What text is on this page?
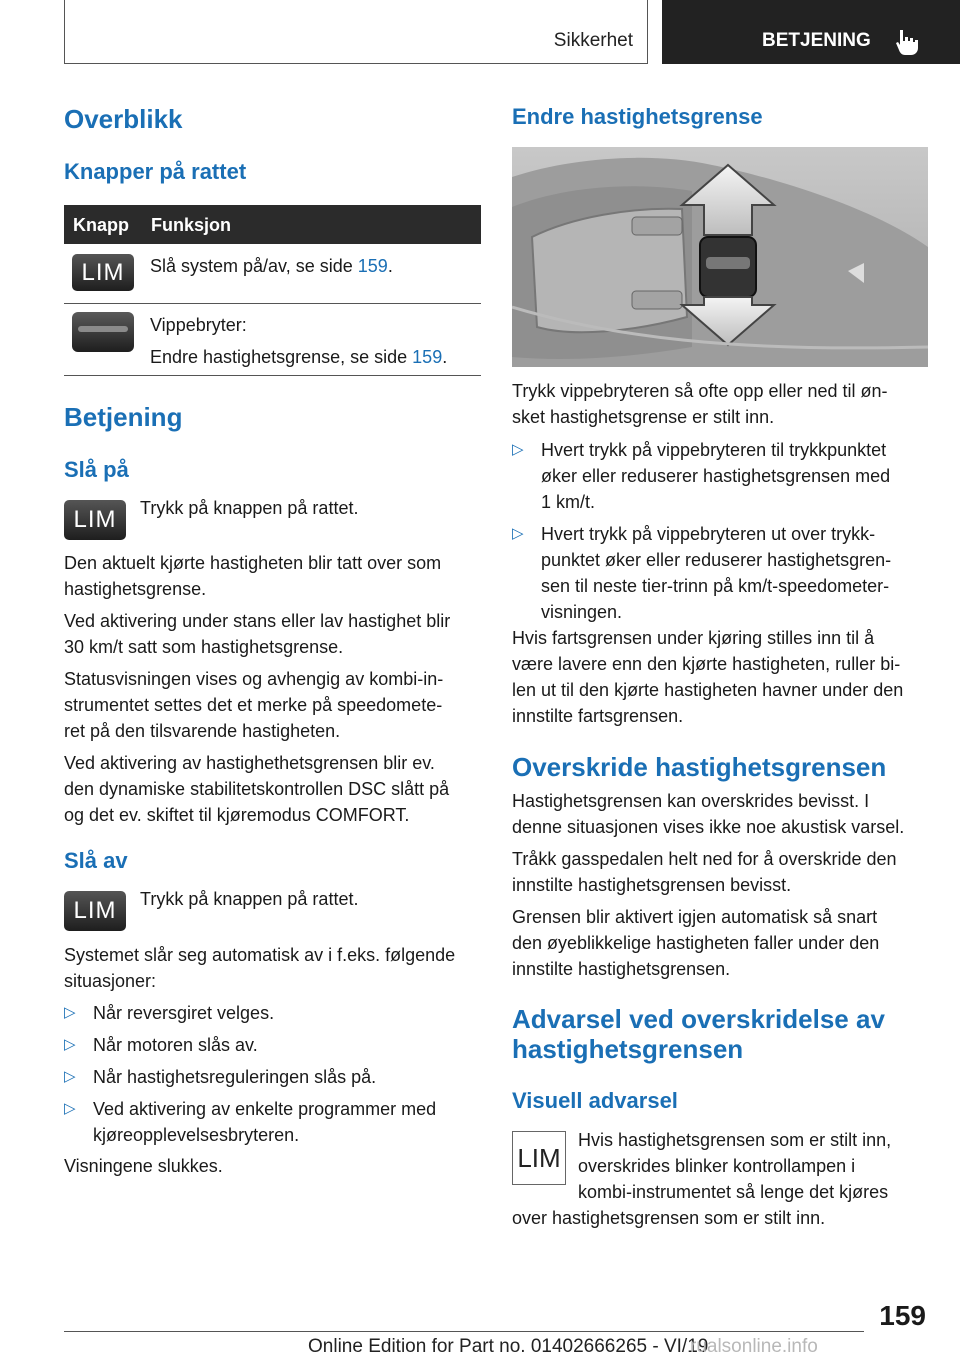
Sikkerhet	BETJENING
Overblikk
Knapper på rattet
Knapp Funksjon
LIM Slå system på/av, se side 159.

Vippebryter:

Endre hastighetsgrense, se side 159.

Betjening
Slå på
LIM Trykk på knappen på rattet.

Den aktuelt kjørte hastigheten blir tatt over som
hastighetsgrense.

Ved aktivering under stans eller lav hastighet blir
30 km/t satt som hastighetsgrense.

Statusvisningen vises og avhengig av kombi-in-
strumentet settes det et merke på speedomete-
ret på den tilsvarende hastigheten.

Ved aktivering av hastighethetsgrensen blir ev.
den dynamiske stabilitetskontrollen DSC slått på
og det ev. skiftet til kjøremodus COMFORT.

Slå av
LIM Trykk på knappen på rattet.

Systemet slår seg automatisk av i f.eks. følgende
situasjoner:

▷ Når reversgiret velges.
▷ Når motoren slås av.
▷ Når hastighetsreguleringen slås på.
▷ Ved aktivering av enkelte programmer med
kjøreopplevelsesbryteren.

Visningene slukkes.

Endre hastighetsgrense

Trykk vippebryteren så ofte opp eller ned til øn-
sket hastighetsgrense er stilt inn.

▷ Hvert trykk på vippebryteren til trykkpunktet
øker eller reduserer hastighetsgrensen med
1 km/t.
▷ Hvert trykk på vippebryteren ut over trykk-
punktet øker eller reduserer hastighetsgren-
sen til neste tier-trinn på km/t-speedometer-
visningen.

Hvis fartsgrensen under kjøring stilles inn til å
være lavere enn den kjørte hastigheten, ruller bi-
len ut til den kjørte hastigheten havner under den
innstilte fartsgrensen.

Overskride hastighetsgrensen

Hastighetsgrensen kan overskrides bevisst. I
denne situasjonen vises ikke noe akustisk varsel.

Tråkk gasspedalen helt ned for å overskride den
innstilte hastighetsgrensen bevisst.

Grensen blir aktivert igjen automatisk så snart
den øyeblikkelige hastigheten faller under den
innstilte hastighetsgrensen.

Advarsel ved overskridelse av
hastighetsgrensen
Visuell advarsel
LIM

Hvis hastighetsgrensen som er stilt inn,
overskrides blinker kontrollampen i
kombi-instrumentet så lenge det kjøres

over hastighetsgrensen som er stilt inn.

159
Online Edition for Part no. 01402666265 - VI/19
rualsonline.info
